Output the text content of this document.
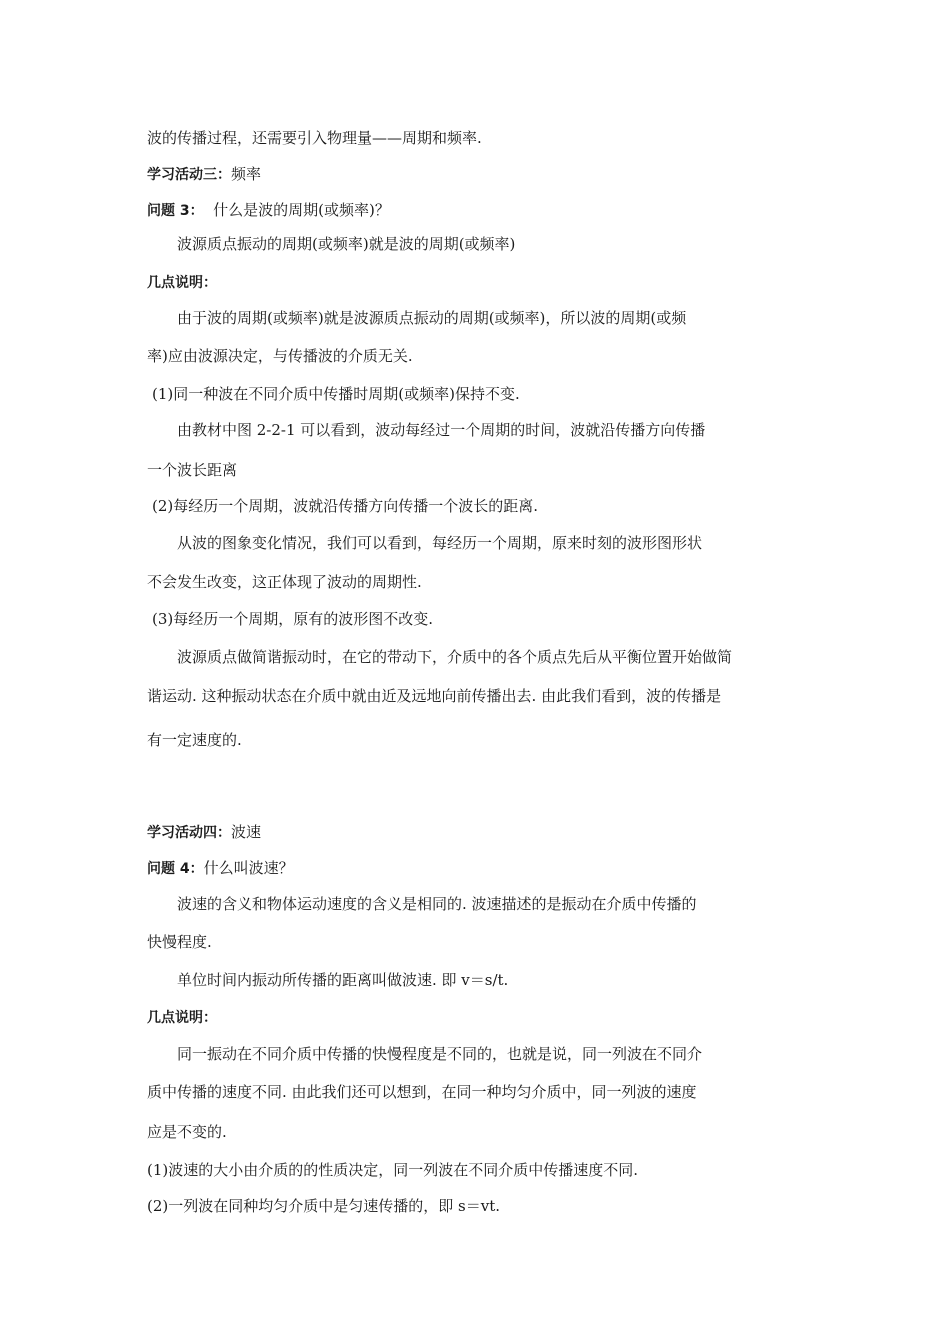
波的传播过程，还需要引入物理量——周期和频率.
学习活动三：频率
问题 3：  什么是波的周期(或频率)？
波源质点振动的周期(或频率)就是波的周期(或频率)
几点说明：
由于波的周期(或频率)就是波源质点振动的周期(或频率)，所以波的周期(或频
率)应由波源决定，与传播波的介质无关.
(1)同一种波在不同介质中传播时周期(或频率)保持不变.
由教材中图 2-2-1 可以看到，波动每经过一个周期的时间，波就沿传播方向传播
一个波长距离
(2)每经历一个周期，波就沿传播方向传播一个波长的距离.
从波的图象变化情况，我们可以看到，每经历一个周期，原来时刻的波形图形状
不会发生改变，这正体现了波动的周期性.
(3)每经历一个周期，原有的波形图不改变.
波源质点做简谐振动时，在它的带动下，介质中的各个质点先后从平衡位置开始做简
谐运动. 这种振动状态在介质中就由近及远地向前传播出去. 由此我们看到，波的传播是
有一定速度的.
学习活动四：波速
问题 4：什么叫波速？
波速的含义和物体运动速度的含义是相同的. 波速描述的是振动在介质中传播的
快慢程度.
单位时间内振动所传播的距离叫做波速. 即 v＝s/t.
几点说明：
同一振动在不同介质中传播的快慢程度是不同的，也就是说，同一列波在不同介
质中传播的速度不同. 由此我们还可以想到，在同一种均匀介质中，同一列波的速度
应是不变的.
(1)波速的大小由介质的的性质决定，同一列波在不同介质中传播速度不同.
(2)一列波在同种均匀介质中是匀速传播的，即 s＝vt.
